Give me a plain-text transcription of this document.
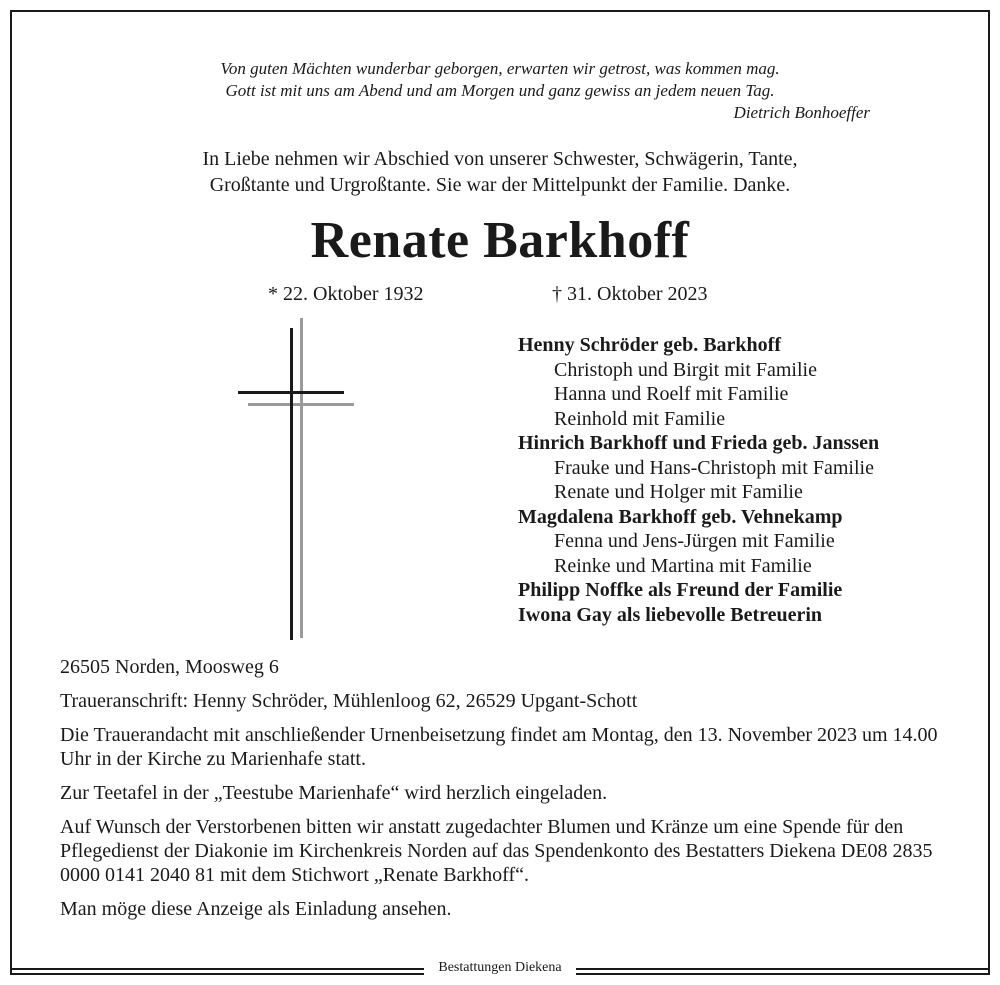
Von guten Mächten wunderbar geborgen, erwarten wir getrost, was kommen mag.
Gott ist mit uns am Abend und am Morgen und ganz gewiss an jedem neuen Tag.
Dietrich Bonhoeffer
In Liebe nehmen wir Abschied von unserer Schwester, Schwägerin, Tante,
Großtante und Urgroßtante. Sie war der Mittelpunkt der Familie. Danke.
Renate Barkhoff
* 22. Oktober 1932	† 31. Oktober 2023
Henny Schröder geb. Barkhoff
Christoph und Birgit mit Familie
Hanna und Roelf mit Familie
Reinhold mit Familie
Hinrich Barkhoff und Frieda geb. Janssen
Frauke und Hans-Christoph mit Familie
Renate und Holger mit Familie
Magdalena Barkhoff geb. Vehnekamp
Fenna und Jens-Jürgen mit Familie
Reinke und Martina mit Familie
Philipp Noffke als Freund der Familie
Iwona Gay als liebevolle Betreuerin

26505 Norden, Moosweg 6

Traueranschrift: Henny Schröder, Mühlenloog 62, 26529 Upgant-Schott

Die Trauerandacht mit anschließender Urnenbeisetzung findet am Montag, den 13. November 2023 um 14.00 Uhr in der Kirche zu Marienhafe statt.

Zur Teetafel in der „Teestube Marienhafe“ wird herzlich eingeladen.

Auf Wunsch der Verstorbenen bitten wir anstatt zugedachter Blumen und Kränze um eine Spende für den Pflegedienst der Diakonie im Kirchenkreis Norden auf das Spendenkonto des Bestatters Diekena DE08 2835 0000 0141 2040 81 mit dem Stichwort „Renate Barkhoff“.

Man möge diese Anzeige als Einladung ansehen.

Bestattungen Diekena
